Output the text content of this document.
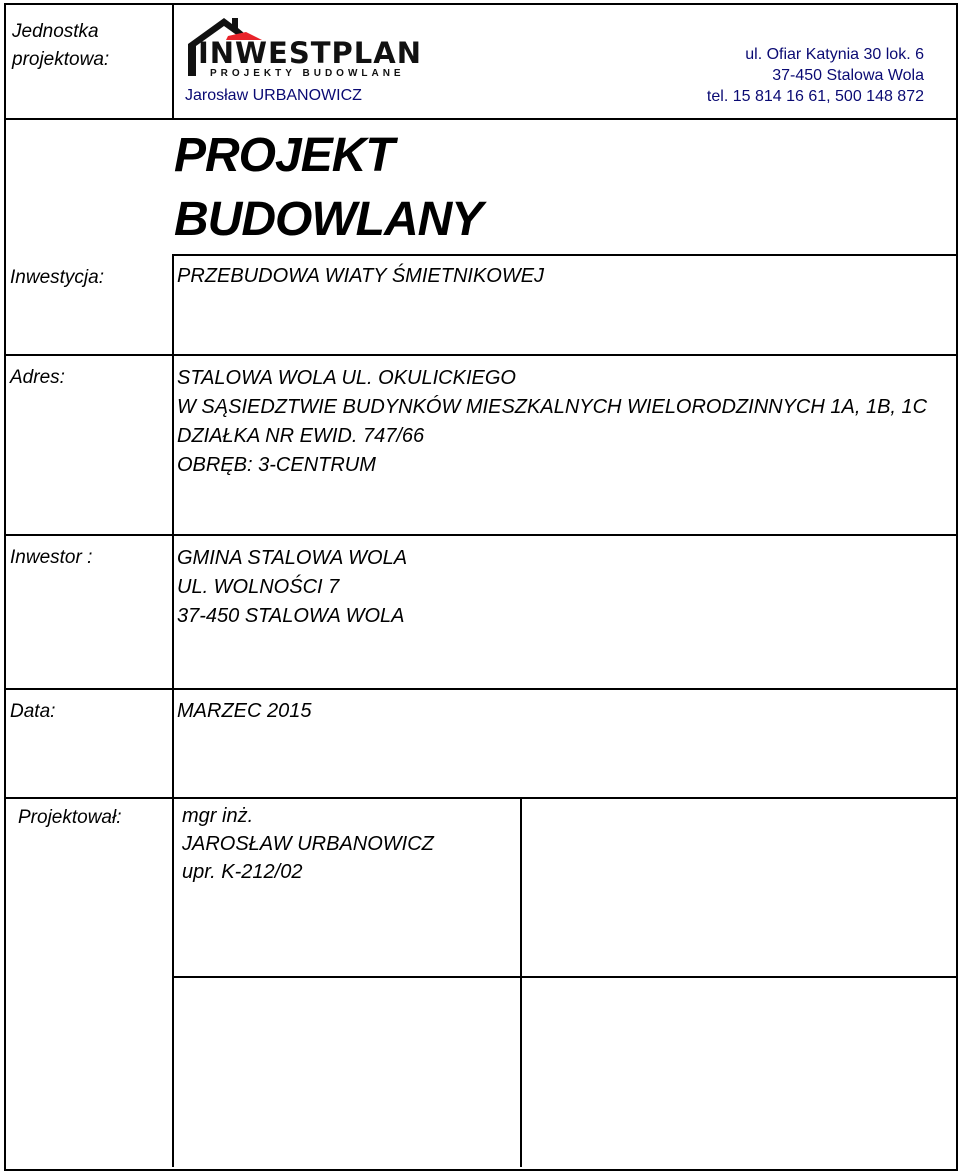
Jednostka
projektowa:	INWESTPLAN
PROJEKTY BUDOWLANE
Jarosław URBANOWICZ
ul. Ofiar Katynia 30 lok. 6
37-450 Stalowa Wola
tel. 15 814 16 61, 500 148 872
PROJEKT
BUDOWLANY
Inwestycja:	PRZEBUDOWA WIATY ŚMIETNIKOWEJ
Adres:	STALOWA WOLA UL. OKULICKIEGO
W SĄSIEDZTWIE BUDYNKÓW MIESZKALNYCH WIELORODZINNYCH 1A, 1B, 1C
DZIAŁKA NR EWID. 747/66
OBRĘB: 3-CENTRUM
Inwestor :	GMINA STALOWA WOLA
UL. WOLNOŚCI 7
37-450 STALOWA WOLA
Data:	MARZEC 2015
Projektował:	mgr inż.
JAROSŁAW URBANOWICZ
upr. K-212/02
